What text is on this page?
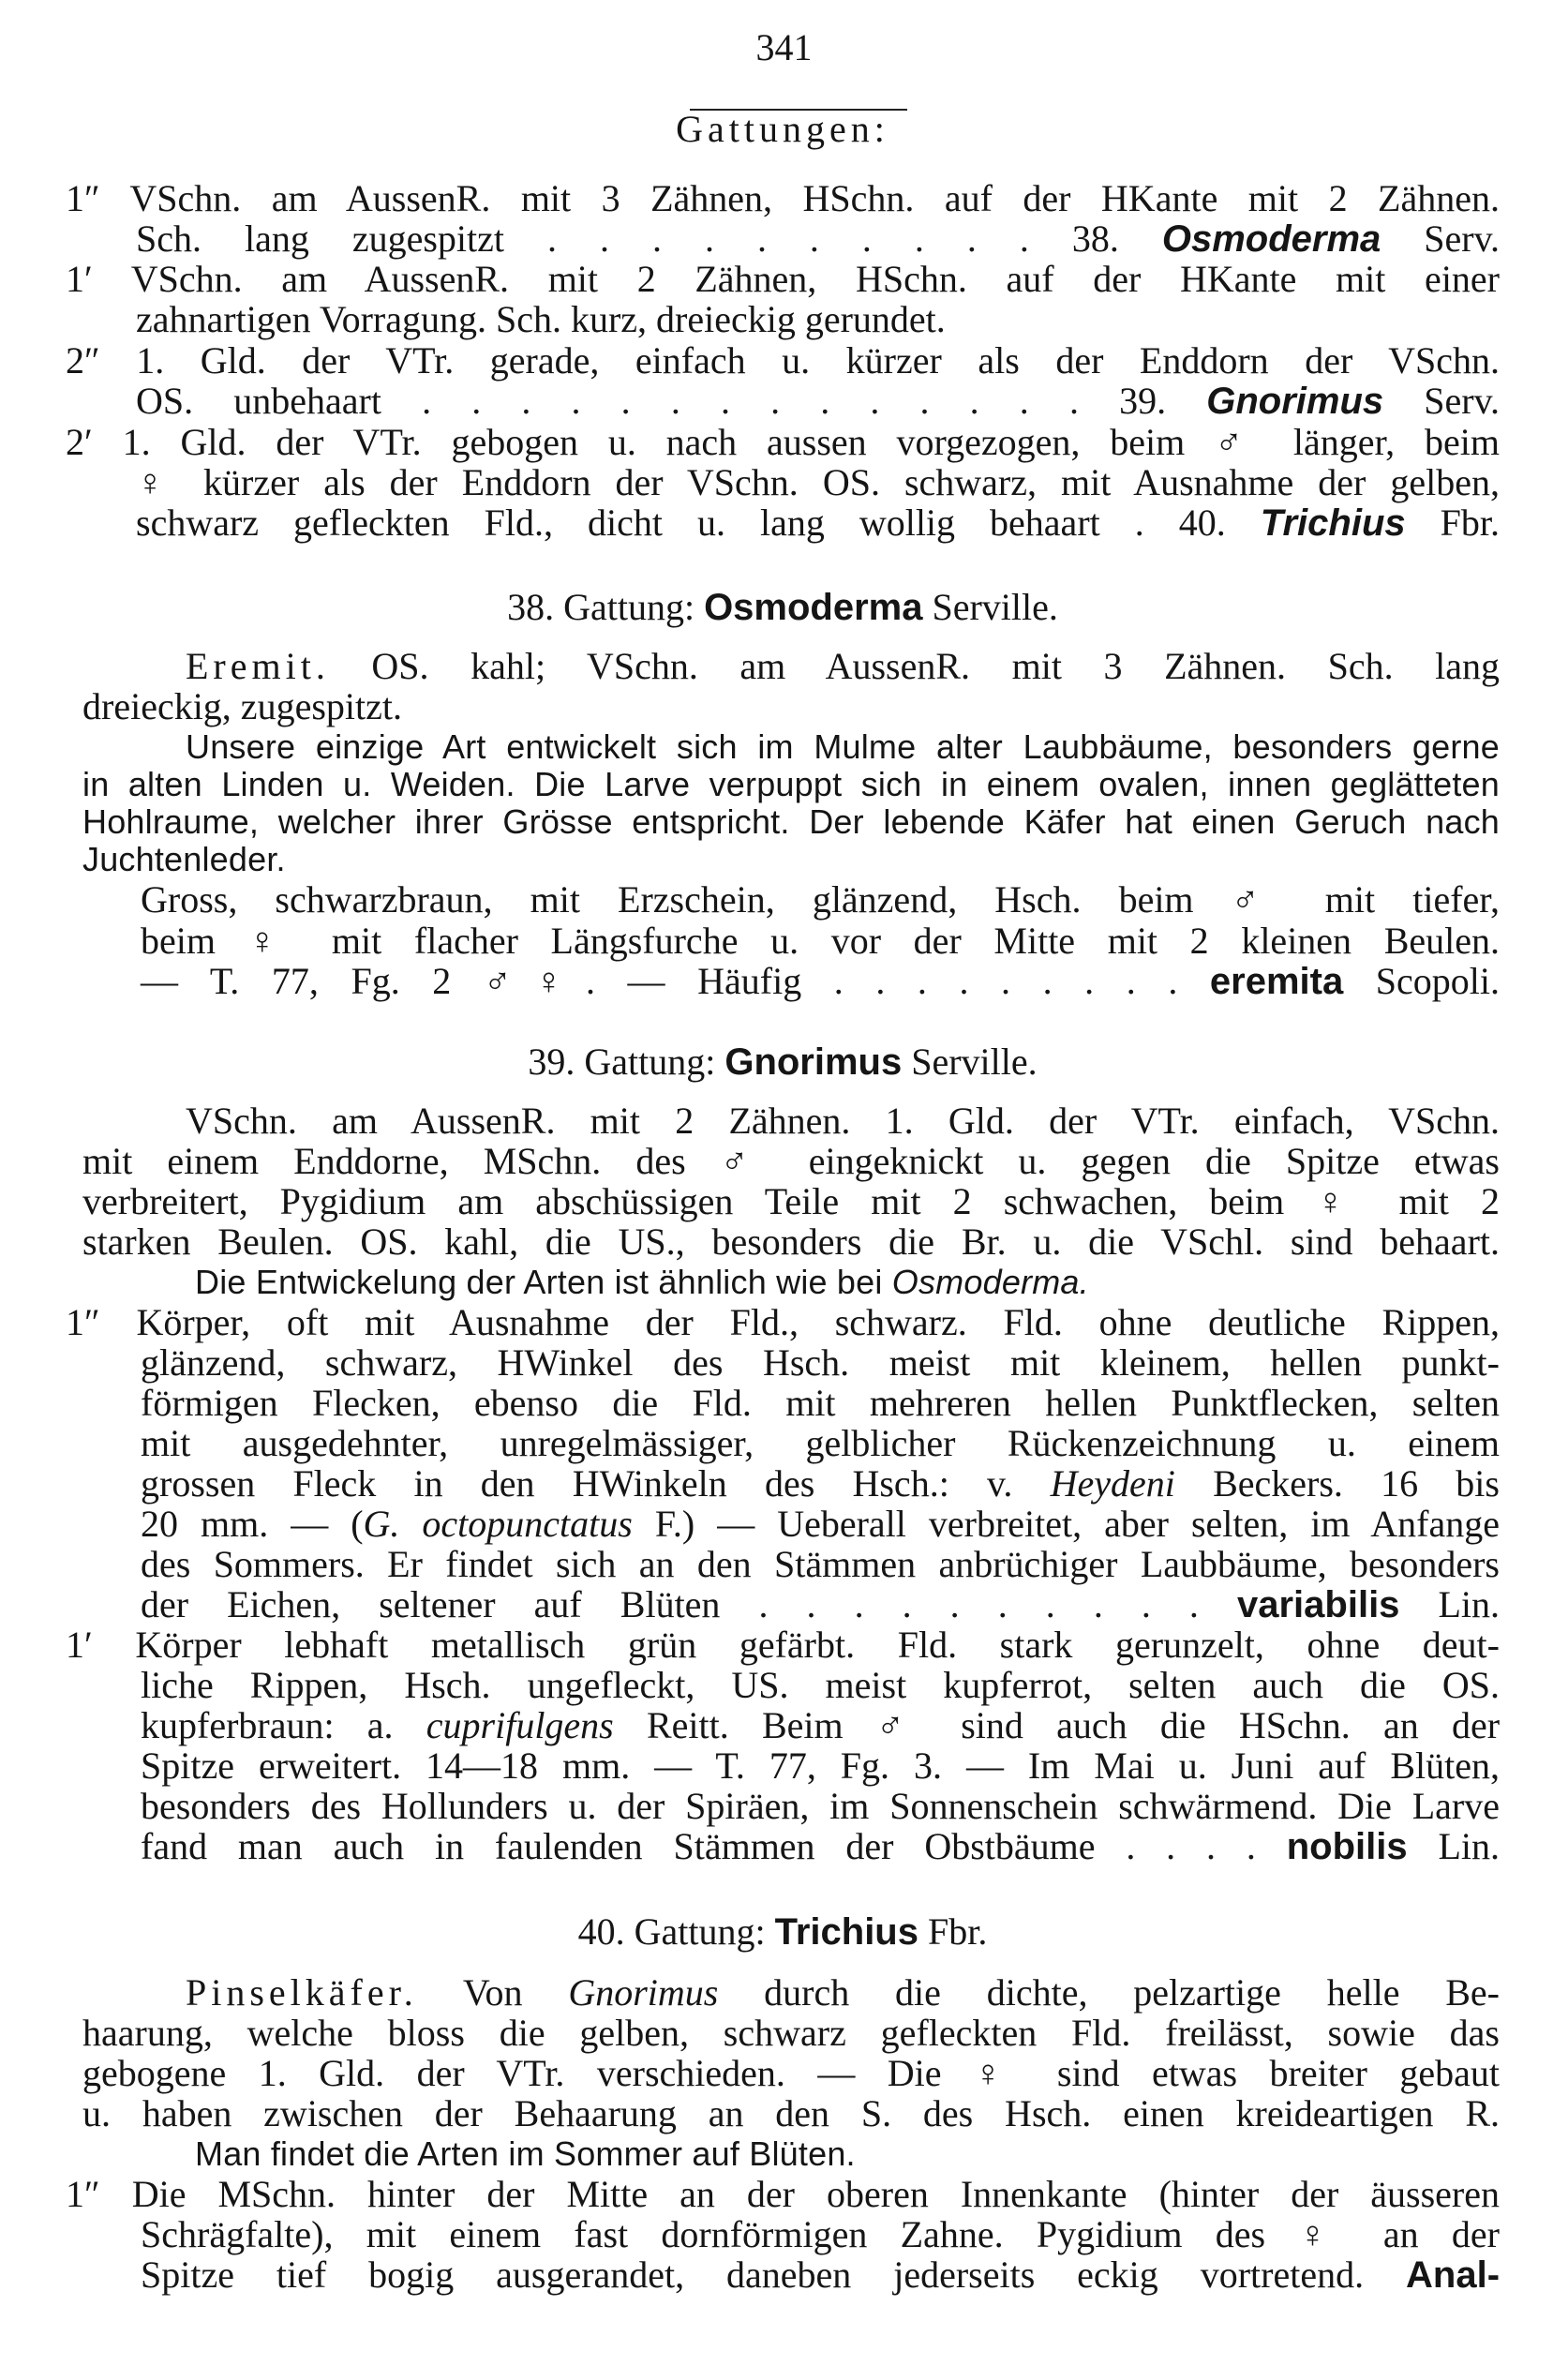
341
Gattungen:
1″ VSchn. am AussenR. mit 3 Zähnen, HSchn. auf der HKante mit 2 Zähnen.
Sch. lang zugespitzt . . . . . . . . . . 38. Osmoderma Serv.
1′ VSchn. am AussenR. mit 2 Zähnen, HSchn. auf der HKante mit einer
zahnartigen Vorragung. Sch. kurz, dreieckig gerundet.
2″ 1. Gld. der VTr. gerade, einfach u. kürzer als der Enddorn der VSchn.
OS. unbehaart . . . . . . . . . . . . . . 39. Gnorimus Serv.
2′ 1. Gld. der VTr. gebogen u. nach aussen vorgezogen, beim ♂ länger, beim
♀ kürzer als der Enddorn der VSchn. OS. schwarz, mit Ausnahme der gelben,
schwarz gefleckten Fld., dicht u. lang wollig behaart . 40. Trichius Fbr.
38. Gattung: Osmoderma Serville.
Eremit. OS. kahl; VSchn. am AussenR. mit 3 Zähnen. Sch. lang
dreieckig, zugespitzt.
Unsere einzige Art entwickelt sich im Mulme alter Laubbäume, besonders gerne
in alten Linden u. Weiden. Die Larve verpuppt sich in einem ovalen, innen geglätteten
Hohlraume, welcher ihrer Grösse entspricht. Der lebende Käfer hat einen Geruch nach
Juchtenleder.
Gross, schwarzbraun, mit Erzschein, glänzend, Hsch. beim ♂ mit tiefer,
beim ♀ mit flacher Längsfurche u. vor der Mitte mit 2 kleinen Beulen.
— T. 77, Fg. 2 ♂♀. — Häufig . . . . . . . . . eremita Scopoli.
39. Gattung: Gnorimus Serville.
VSchn. am AussenR. mit 2 Zähnen. 1. Gld. der VTr. einfach, VSchn.
mit einem Enddorne, MSchn. des ♂ eingeknickt u. gegen die Spitze etwas
verbreitert, Pygidium am abschüssigen Teile mit 2 schwachen, beim ♀ mit 2
starken Beulen. OS. kahl, die US., besonders die Br. u. die VSchl. sind behaart.
Die Entwickelung der Arten ist ähnlich wie bei Osmoderma.
1″ Körper, oft mit Ausnahme der Fld., schwarz. Fld. ohne deutliche Rippen,
glänzend, schwarz, HWinkel des Hsch. meist mit kleinem, hellen punkt-
förmigen Flecken, ebenso die Fld. mit mehreren hellen Punktflecken, selten
mit ausgedehnter, unregelmässiger, gelblicher Rückenzeichnung u. einem
grossen Fleck in den HWinkeln des Hsch.: v. Heydeni Beckers. 16 bis
20 mm. — (G. octopunctatus F.) — Ueberall verbreitet, aber selten, im Anfange
des Sommers. Er findet sich an den Stämmen anbrüchiger Laubbäume, besonders
der Eichen, seltener auf Blüten . . . . . . . . . . variabilis Lin.
1′ Körper lebhaft metallisch grün gefärbt. Fld. stark gerunzelt, ohne deut-
liche Rippen, Hsch. ungefleckt, US. meist kupferrot, selten auch die OS.
kupferbraun: a. cuprifulgens Reitt. Beim ♂ sind auch die HSchn. an der
Spitze erweitert. 14—18 mm. — T. 77, Fg. 3. — Im Mai u. Juni auf Blüten,
besonders des Hollunders u. der Spiräen, im Sonnenschein schwärmend. Die Larve
fand man auch in faulenden Stämmen der Obstbäume . . . . nobilis Lin.
40. Gattung: Trichius Fbr.
Pinselkäfer. Von Gnorimus durch die dichte, pelzartige helle Be-
haarung, welche bloss die gelben, schwarz gefleckten Fld. freilässt, sowie das
gebogene 1. Gld. der VTr. verschieden. — Die ♀ sind etwas breiter gebaut
u. haben zwischen der Behaarung an den S. des Hsch. einen kreideartigen R.
Man findet die Arten im Sommer auf Blüten.
1″ Die MSchn. hinter der Mitte an der oberen Innenkante (hinter der äusseren
Schrägfalte), mit einem fast dornförmigen Zahne. Pygidium des ♀ an der
Spitze tief bogig ausgerandet, daneben jederseits eckig vortretend. Anal-
